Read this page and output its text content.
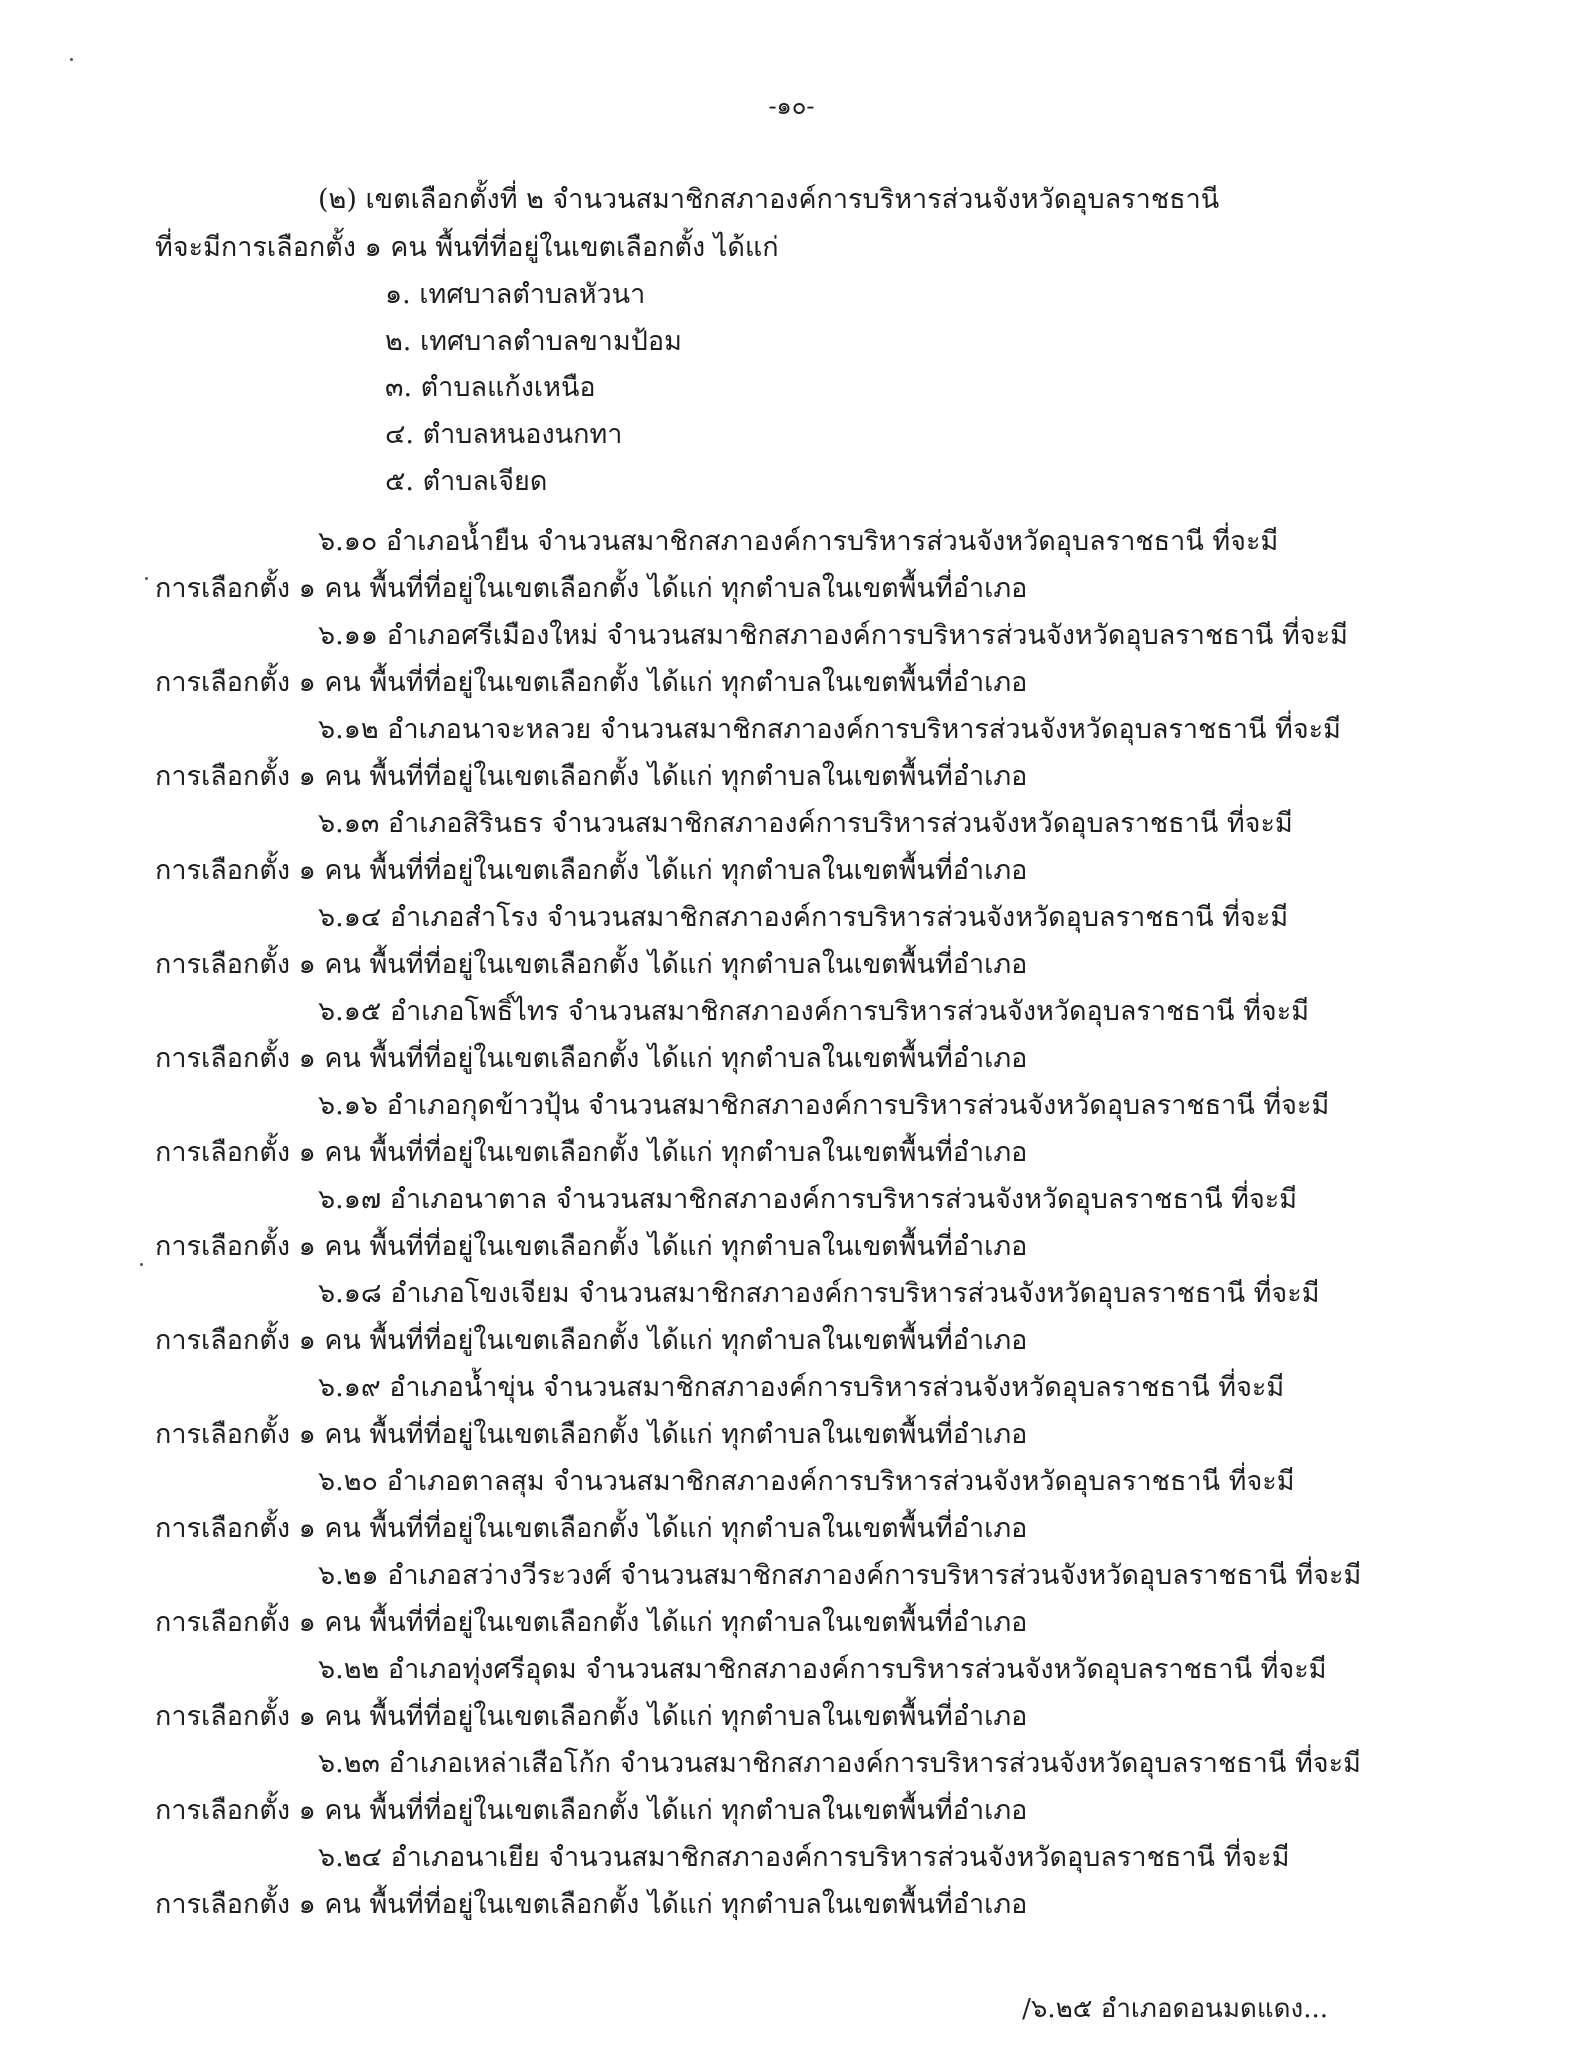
-๑๐-
(๒) เขตเลือกตั้งที่ ๒ จำนวนสมาชิกสภาองค์การบริหารส่วนจังหวัดอุบลราชธานี
ที่จะมีการเลือกตั้ง ๑ คน พื้นที่ที่อยู่ในเขตเลือกตั้ง ได้แก่
๑. เทศบาลตำบลหัวนา
๒. เทศบาลตำบลขามป้อม
๓. ตำบลแก้งเหนือ
๔. ตำบลหนองนกทา
๕. ตำบลเจียด
๖.๑๐ อำเภอน้ำยืน จำนวนสมาชิกสภาองค์การบริหารส่วนจังหวัดอุบลราชธานี ที่จะมี
การเลือกตั้ง ๑ คน พื้นที่ที่อยู่ในเขตเลือกตั้ง ได้แก่ ทุกตำบลในเขตพื้นที่อำเภอ
๖.๑๑ อำเภอศรีเมืองใหม่ จำนวนสมาชิกสภาองค์การบริหารส่วนจังหวัดอุบลราชธานี ที่จะมี
การเลือกตั้ง ๑ คน พื้นที่ที่อยู่ในเขตเลือกตั้ง ได้แก่ ทุกตำบลในเขตพื้นที่อำเภอ
๖.๑๒ อำเภอนาจะหลวย จำนวนสมาชิกสภาองค์การบริหารส่วนจังหวัดอุบลราชธานี ที่จะมี
การเลือกตั้ง ๑ คน พื้นที่ที่อยู่ในเขตเลือกตั้ง ได้แก่ ทุกตำบลในเขตพื้นที่อำเภอ
๖.๑๓ อำเภอสิรินธร จำนวนสมาชิกสภาองค์การบริหารส่วนจังหวัดอุบลราชธานี ที่จะมี
การเลือกตั้ง ๑ คน พื้นที่ที่อยู่ในเขตเลือกตั้ง ได้แก่ ทุกตำบลในเขตพื้นที่อำเภอ
๖.๑๔ อำเภอสำโรง จำนวนสมาชิกสภาองค์การบริหารส่วนจังหวัดอุบลราชธานี ที่จะมี
การเลือกตั้ง ๑ คน พื้นที่ที่อยู่ในเขตเลือกตั้ง ได้แก่ ทุกตำบลในเขตพื้นที่อำเภอ
๖.๑๕ อำเภอโพธิ์ไทร จำนวนสมาชิกสภาองค์การบริหารส่วนจังหวัดอุบลราชธานี ที่จะมี
การเลือกตั้ง ๑ คน พื้นที่ที่อยู่ในเขตเลือกตั้ง ได้แก่ ทุกตำบลในเขตพื้นที่อำเภอ
๖.๑๖ อำเภอกุดข้าวปุ้น จำนวนสมาชิกสภาองค์การบริหารส่วนจังหวัดอุบลราชธานี ที่จะมี
การเลือกตั้ง ๑ คน พื้นที่ที่อยู่ในเขตเลือกตั้ง ได้แก่ ทุกตำบลในเขตพื้นที่อำเภอ
๖.๑๗ อำเภอนาตาล จำนวนสมาชิกสภาองค์การบริหารส่วนจังหวัดอุบลราชธานี ที่จะมี
การเลือกตั้ง ๑ คน พื้นที่ที่อยู่ในเขตเลือกตั้ง ได้แก่ ทุกตำบลในเขตพื้นที่อำเภอ
๖.๑๘ อำเภอโขงเจียม จำนวนสมาชิกสภาองค์การบริหารส่วนจังหวัดอุบลราชธานี ที่จะมี
การเลือกตั้ง ๑ คน พื้นที่ที่อยู่ในเขตเลือกตั้ง ได้แก่ ทุกตำบลในเขตพื้นที่อำเภอ
๖.๑๙ อำเภอน้ำขุ่น จำนวนสมาชิกสภาองค์การบริหารส่วนจังหวัดอุบลราชธานี ที่จะมี
การเลือกตั้ง ๑ คน พื้นที่ที่อยู่ในเขตเลือกตั้ง ได้แก่ ทุกตำบลในเขตพื้นที่อำเภอ
๖.๒๐ อำเภอตาลสุม จำนวนสมาชิกสภาองค์การบริหารส่วนจังหวัดอุบลราชธานี ที่จะมี
การเลือกตั้ง ๑ คน พื้นที่ที่อยู่ในเขตเลือกตั้ง ได้แก่ ทุกตำบลในเขตพื้นที่อำเภอ
๖.๒๑ อำเภอสว่างวีระวงศ์ จำนวนสมาชิกสภาองค์การบริหารส่วนจังหวัดอุบลราชธานี ที่จะมี
การเลือกตั้ง ๑ คน พื้นที่ที่อยู่ในเขตเลือกตั้ง ได้แก่ ทุกตำบลในเขตพื้นที่อำเภอ
๖.๒๒ อำเภอทุ่งศรีอุดม จำนวนสมาชิกสภาองค์การบริหารส่วนจังหวัดอุบลราชธานี ที่จะมี
การเลือกตั้ง ๑ คน พื้นที่ที่อยู่ในเขตเลือกตั้ง ได้แก่ ทุกตำบลในเขตพื้นที่อำเภอ
๖.๒๓ อำเภอเหล่าเสือโก้ก จำนวนสมาชิกสภาองค์การบริหารส่วนจังหวัดอุบลราชธานี ที่จะมี
การเลือกตั้ง ๑ คน พื้นที่ที่อยู่ในเขตเลือกตั้ง ได้แก่ ทุกตำบลในเขตพื้นที่อำเภอ
๖.๒๔ อำเภอนาเยีย จำนวนสมาชิกสภาองค์การบริหารส่วนจังหวัดอุบลราชธานี ที่จะมี
การเลือกตั้ง ๑ คน พื้นที่ที่อยู่ในเขตเลือกตั้ง ได้แก่ ทุกตำบลในเขตพื้นที่อำเภอ
/๖.๒๕ อำเภอดอนมดแดง...
